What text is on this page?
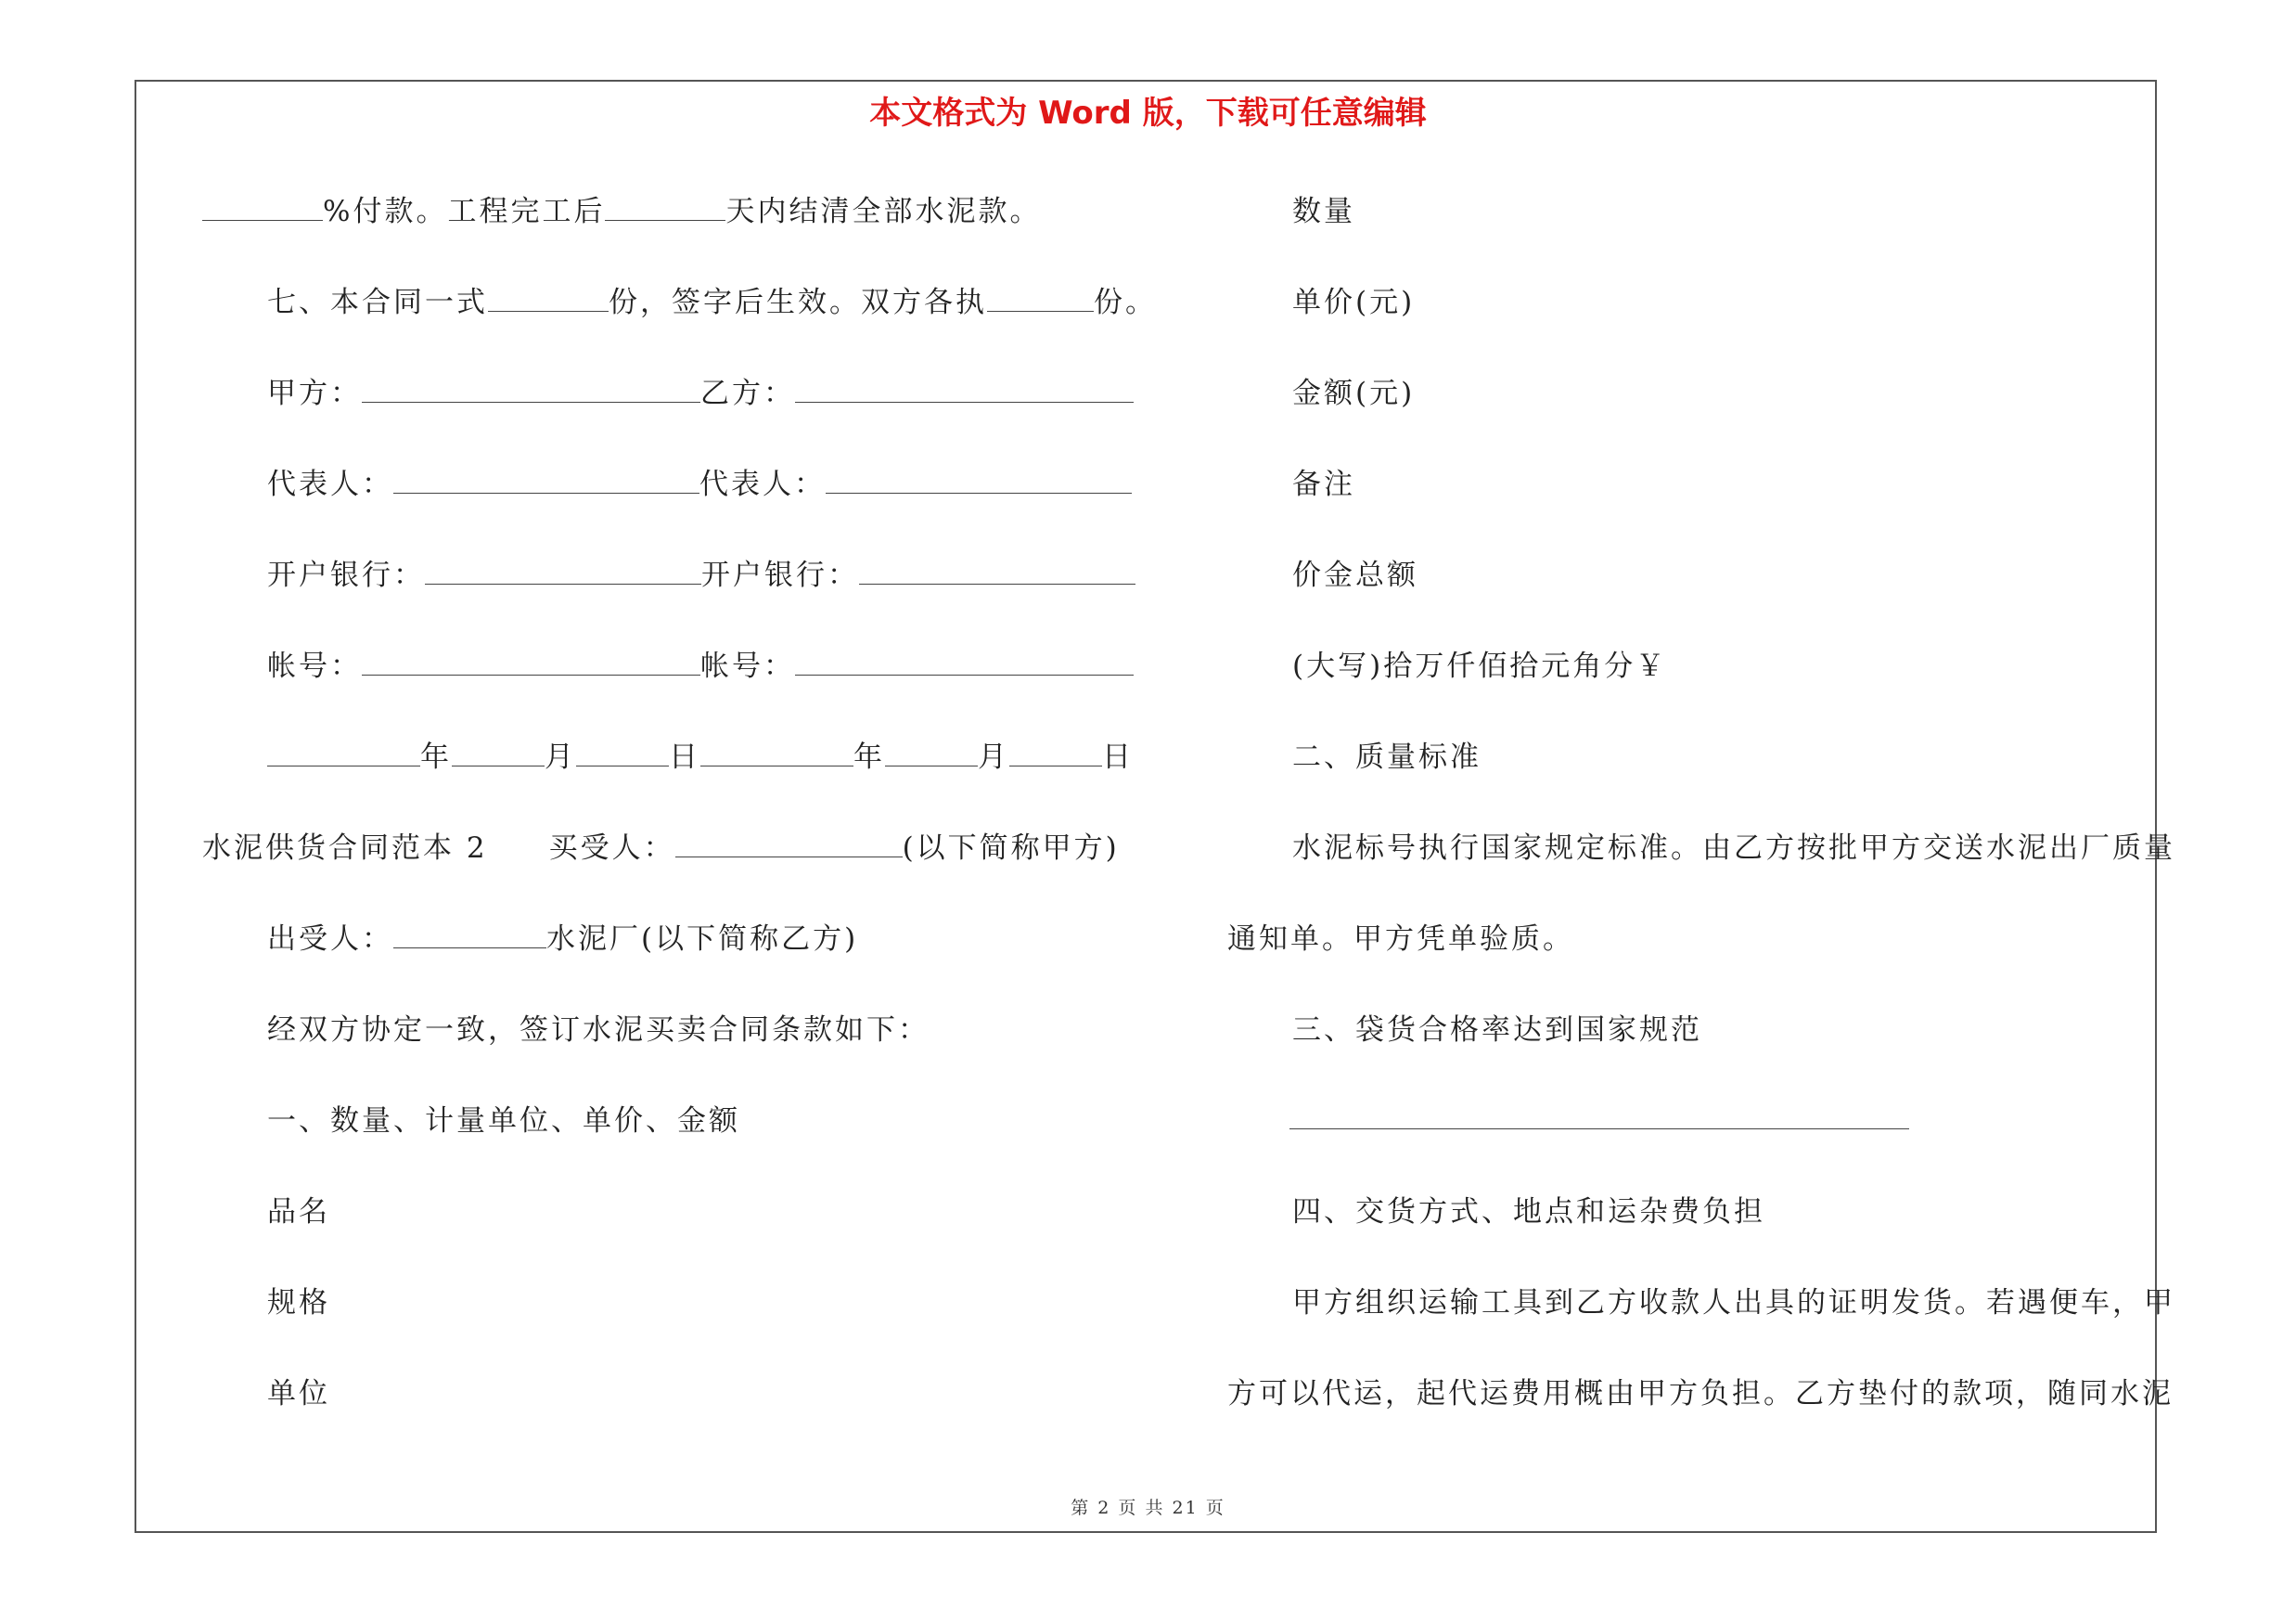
本文格式为 Word 版，下载可任意编辑
%付款。工程完工后	天内结清全部水泥款。
七、本合同一式	份，签字后生效。双方各执	份。
甲方：	乙方：
代表人：	代表人：
开户银行：	开户银行：
帐号：	帐号：
年	月	日	年	月	日
水泥供货合同范本 2 买受人：	(以下简称甲方)
出受人：	水泥厂(以下简称乙方)
经双方协定一致，签订水泥买卖合同条款如下：
一、数量、计量单位、单价、金额
品名
规格
单位
数量
单价(元)
金额(元)
备注
价金总额
(大写)拾万仟佰拾元角分￥
二、质量标准
水泥标号执行国家规定标准。由乙方按批甲方交送水泥出厂质量
通知单。甲方凭单验质。
三、袋货合格率达到国家规范
四、交货方式、地点和运杂费负担
甲方组织运输工具到乙方收款人出具的证明发货。若遇便车，甲
方可以代运，起代运费用概由甲方负担。乙方垫付的款项，随同水泥
第 2 页 共 21 页
